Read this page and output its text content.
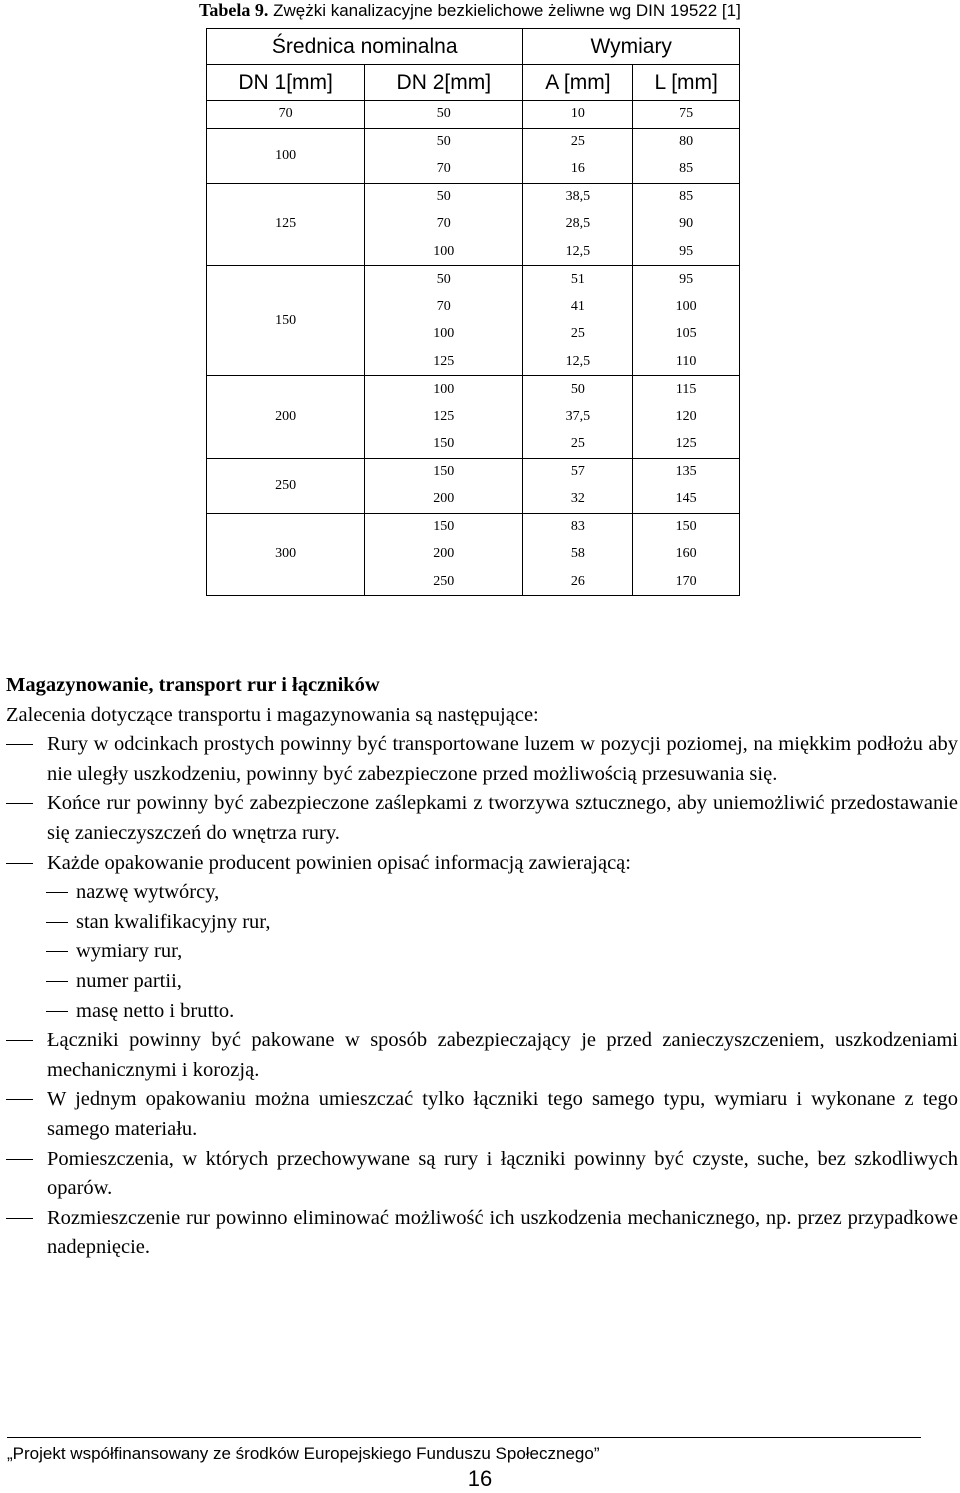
Tabela 9. Zwężki kanalizacyjne bezkielichowe żeliwne wg DIN 19522 [1]
Średnica nominalna		Wymiary	
DN 1[mm]	DN 2[mm]	A [mm]	L [mm]
70	50	10	75
100	50	25	80
	70	16	85
125	50	38,5	85
	70	28,5	90
	100	12,5	95
150	50	51	95
	70	41	100
	100	25	105
	125	12,5	110
200	100	50	115
	125	37,5	120
	150	25	125
250	150	57	135
	200	32	145
300	150	83	150
	200	58	160
	250	26	170
Magazynowanie, transport rur i łączników
Zalecenia dotyczące transportu i magazynowania są następujące:
Rury w odcinkach prostych powinny być transportowane luzem w pozycji poziomej, na miękkim podłożu aby nie uległy uszkodzeniu, powinny być zabezpieczone przed możliwością przesuwania się.
Końce rur powinny być zabezpieczone zaślepkami z tworzywa sztucznego, aby uniemożliwić przedostawanie się zanieczyszczeń do wnętrza rury.
Każde opakowanie producent powinien opisać informacją zawierającą:
nazwę wytwórcy,
stan kwalifikacyjny rur,
wymiary rur,
numer partii,
masę netto i brutto.
Łączniki powinny być pakowane w sposób zabezpieczający je przed zanieczyszczeniem, uszkodzeniami mechanicznymi i korozją.
W jednym opakowaniu można umieszczać tylko łączniki tego samego typu, wymiaru i wykonane z tego samego materiału.
Pomieszczenia, w których przechowywane są rury i łączniki powinny być czyste, suche, bez szkodliwych oparów.
Rozmieszczenie rur powinno eliminować możliwość ich uszkodzenia mechanicznego, np. przez przypadkowe nadepnięcie.
„Projekt współfinansowany ze środków Europejskiego Funduszu Społecznego”
16
